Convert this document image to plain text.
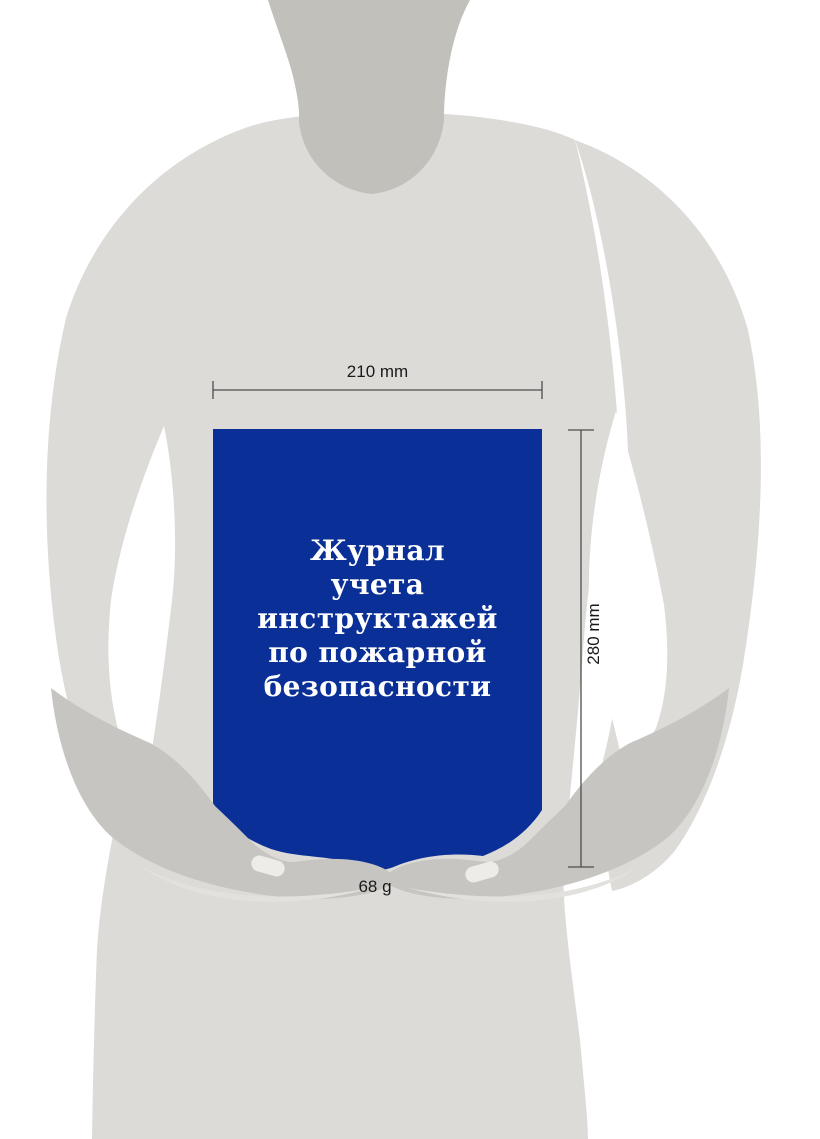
Журнал
учета
инструктажей
по пожарной
безопасности
210 mm
280 mm
68 g
